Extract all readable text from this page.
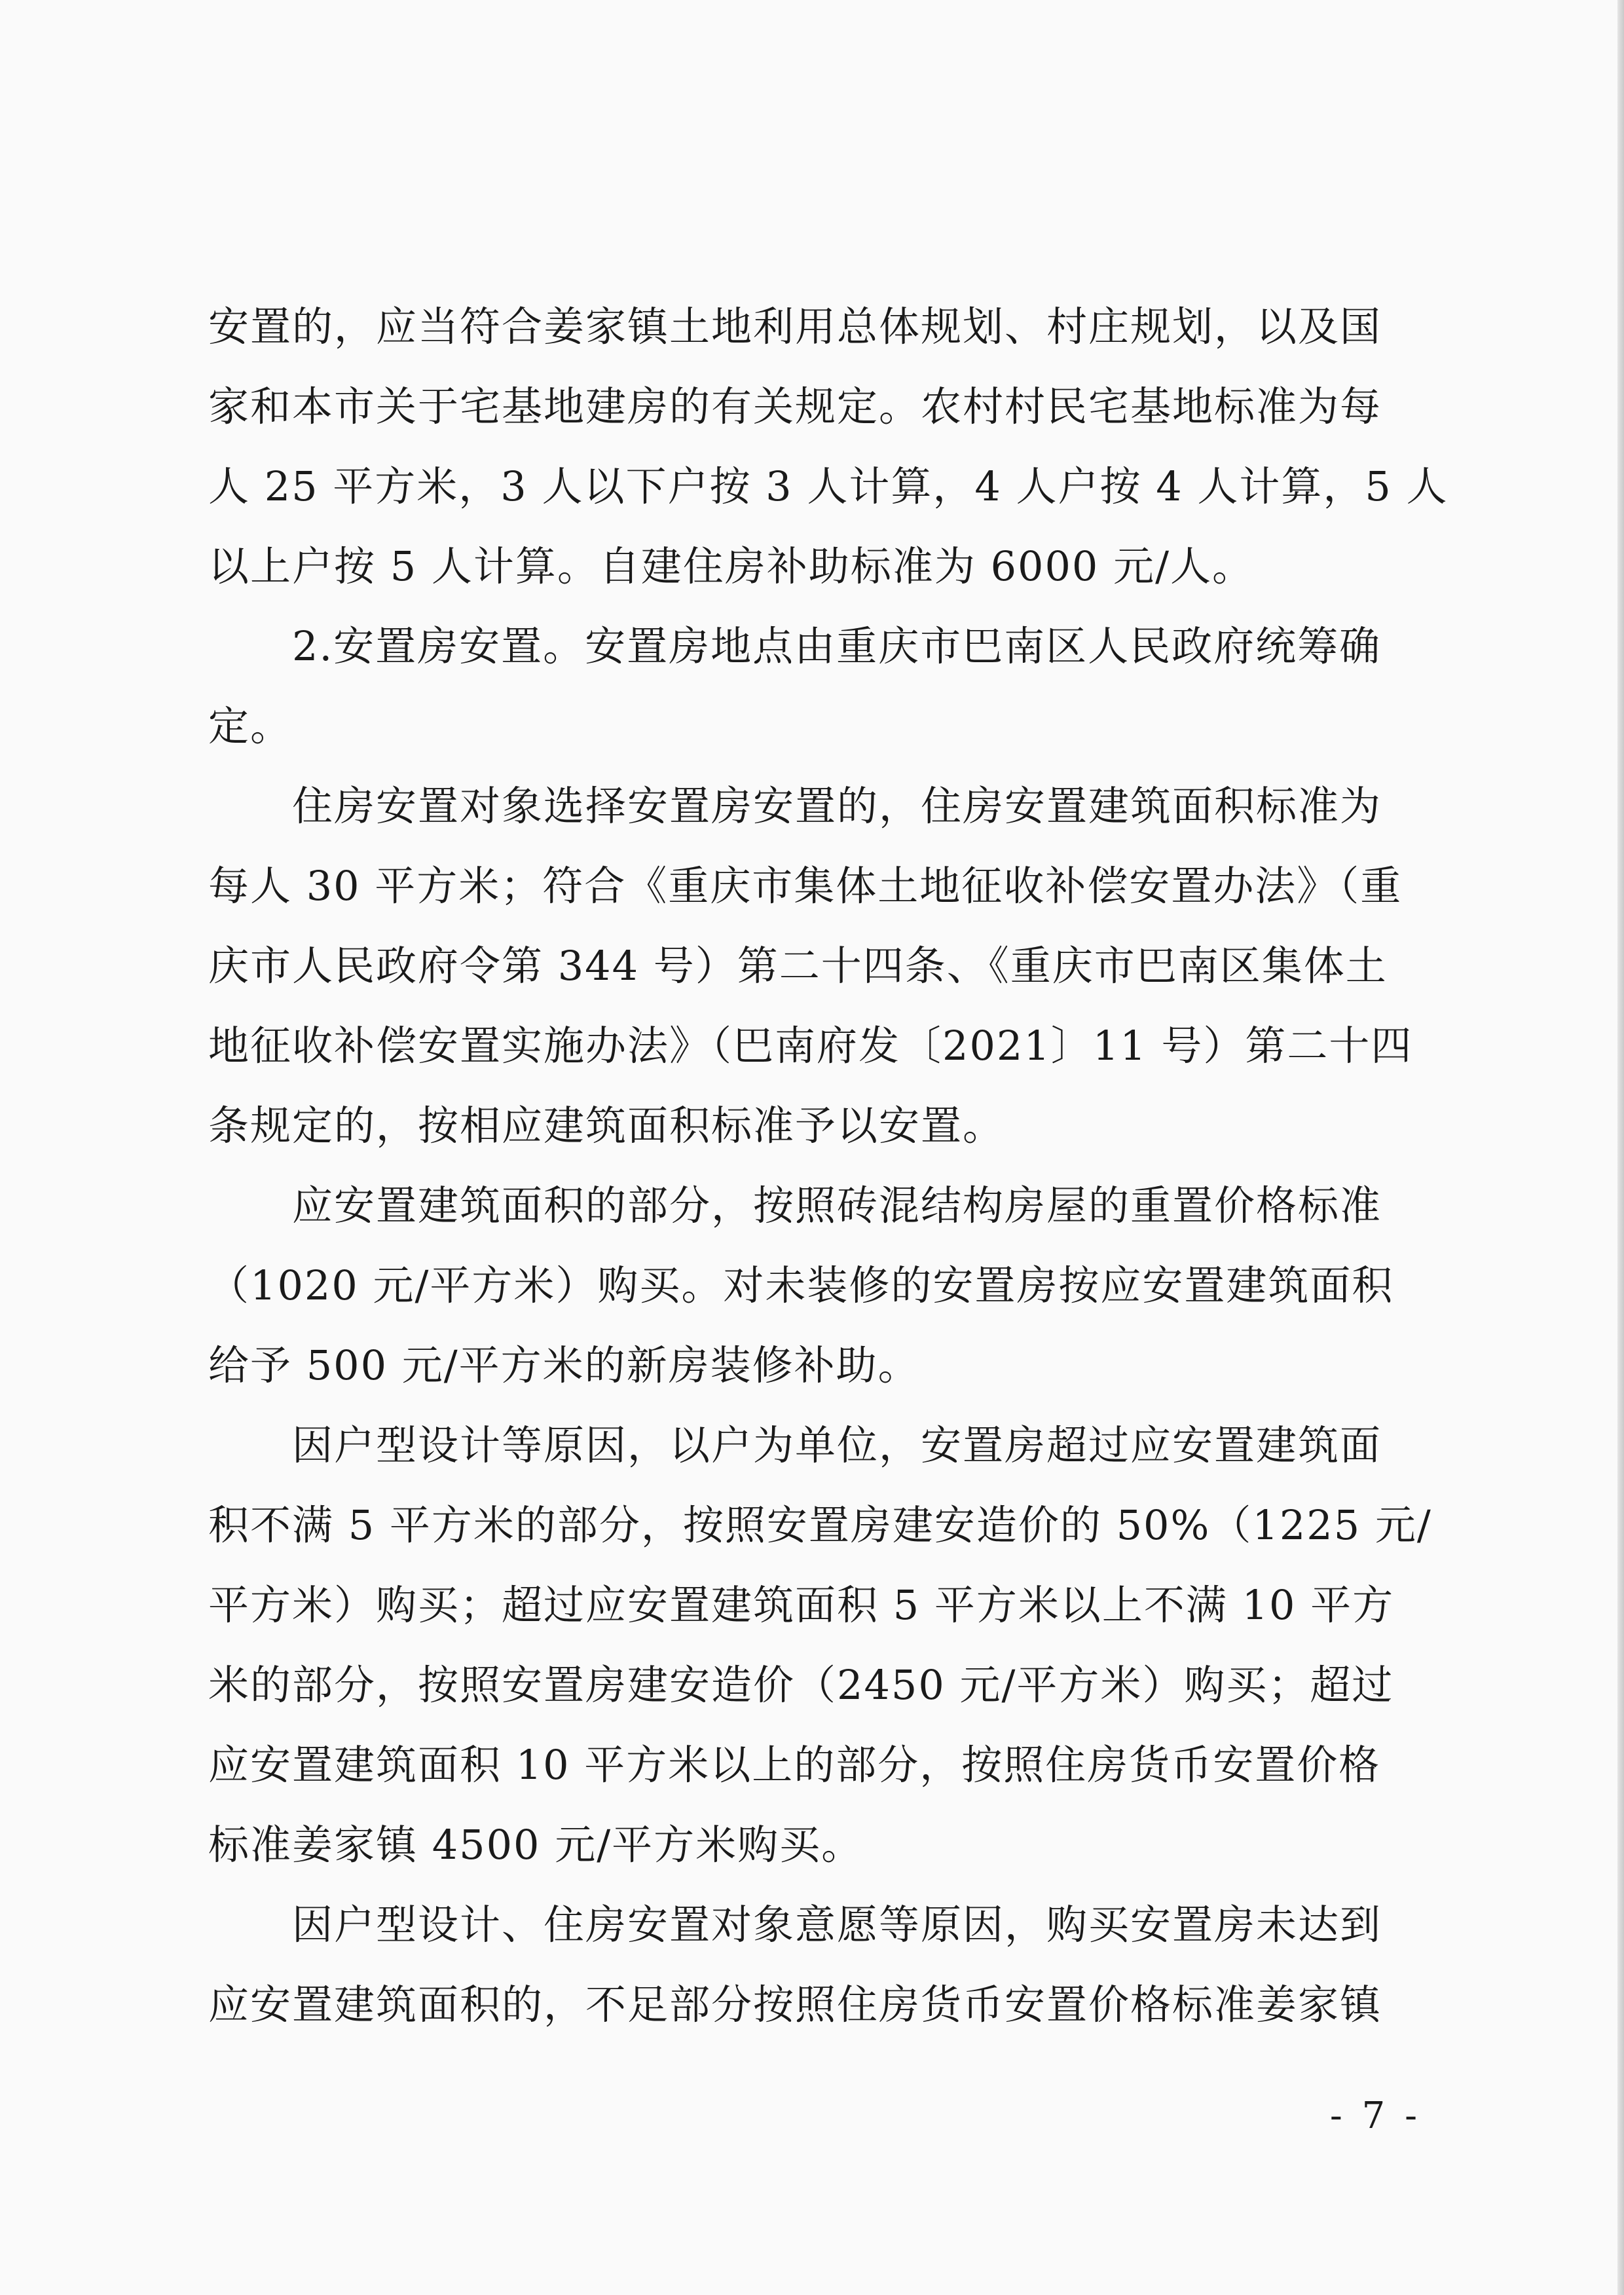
安置的，应当符合姜家镇土地利用总体规划、村庄规划，以及国
家和本市关于宅基地建房的有关规定。农村村民宅基地标准为每
人 25 平方米，3 人以下户按 3 人计算，4 人户按 4 人计算，5 人
以上户按 5 人计算。自建住房补助标准为 6000 元/人。

2.安置房安置。安置房地点由重庆市巴南区人民政府统筹确
定。

住房安置对象选择安置房安置的，住房安置建筑面积标准为
每人 30 平方米；符合《重庆市集体土地征收补偿安置办法》（重
庆市人民政府令第 344 号）第二十四条、《重庆市巴南区集体土
地征收补偿安置实施办法》（巴南府发〔2021〕11 号）第二十四
条规定的，按相应建筑面积标准予以安置。

应安置建筑面积的部分，按照砖混结构房屋的重置价格标准
（1020 元/平方米）购买。对未装修的安置房按应安置建筑面积
给予 500 元/平方米的新房装修补助。

因户型设计等原因，以户为单位，安置房超过应安置建筑面
积不满 5 平方米的部分，按照安置房建安造价的 50%（1225 元/
平方米）购买；超过应安置建筑面积 5 平方米以上不满 10 平方
米的部分，按照安置房建安造价（2450 元/平方米）购买；超过
应安置建筑面积 10 平方米以上的部分，按照住房货币安置价格
标准姜家镇 4500 元/平方米购买。

因户型设计、住房安置对象意愿等原因，购买安置房未达到
应安置建筑面积的，不足部分按照住房货币安置价格标准姜家镇

- 7 -
